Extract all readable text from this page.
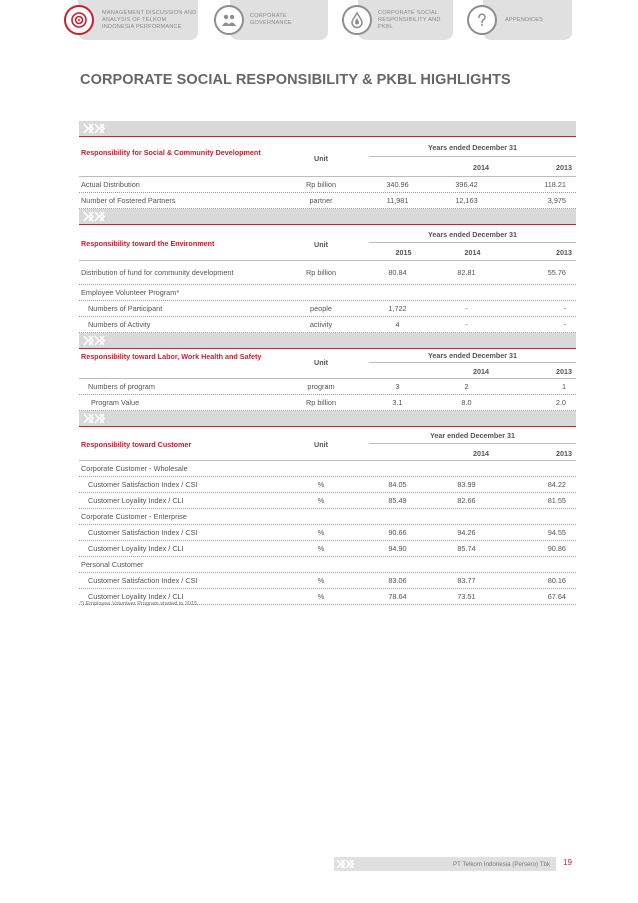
MANAGEMENT DISCUSSION AND ANALYSIS OF TELKOM INDONESIA PERFORMANCE
CORPORATE GOVERNANCE
CORPORATE SOCIAL RESPONSIBILITY AND PKBL
APPENDICES
CORPORATE SOCIAL RESPONSIBILITY & PKBL HIGHLIGHTS
Responsibility for Social & Community Development
Unit
Years ended December 31
2014	2013
Actual Distribution	Rp billion	340.96	396.42	118.21
Number of Fostered Partners	partner	11,981	12,163	3,975
Responsibility toward the Environment	Unit
Years ended December 31
2015	2014	2013
Distribution of fund for community development	Rp billion	80.84	82.81	55.76
Employee Volunteer Program*
Numbers of Participant	people	1,722	-	-
Numbers of Activity	activity	4	-	-
Responsibility toward Labor, Work Health and Safety
Unit
Years ended December 31
2014	2013
Numbers of program	program	3	2	1
Program Value	Rp billion	3.1	8.0	2.0
Responsibility toward Customer	Unit
Year ended December 31
2014	2013
Corporate Customer - Wholesale
Customer Satisfaction Index / CSI	%	84.05	83.99	84.22
Customer Loyality Index / CLI	%	85.49	82.66	81.55
Corporate Customer - Enterprise
Customer Satisfaction Index / CSI	%	90.66	94.26	94.55
Customer Loyality Index / CLI	%	94.90	85.74	90.86
Personal Customer
Customer Satisfaction Index / CSI	%	83.06	83.77	80.16
Customer Loyality Index / CLI	%	78.64	73.51	67.64
*) Employee Volunteer Program started in 2015
PT Telkom Indonesia (Persero) Tbk 19
